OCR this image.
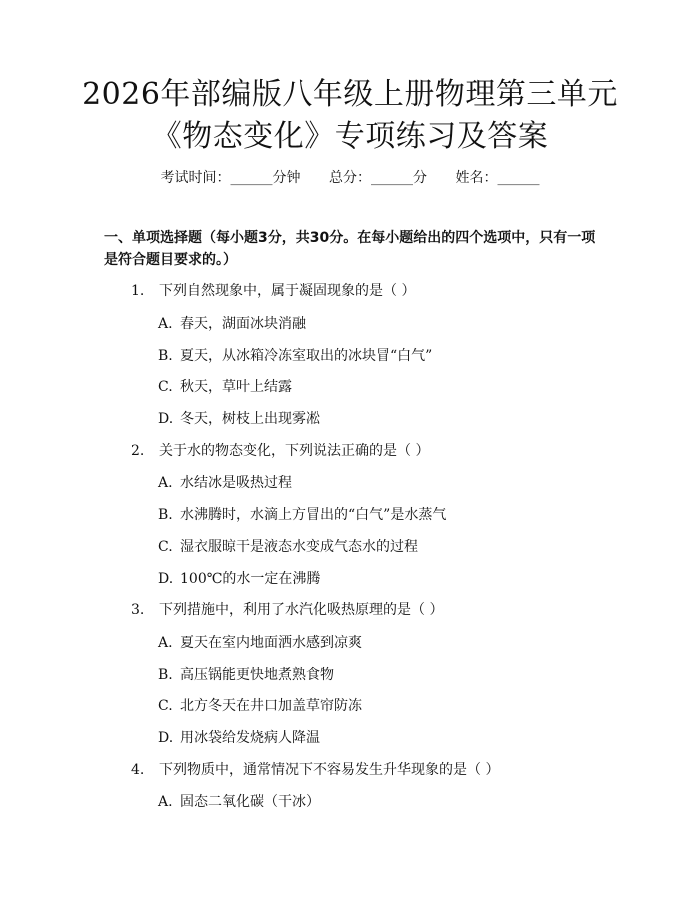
2026年部编版八年级上册物理第三单元《物态变化》专项练习及答案
考试时间：______分钟 总分：______分 姓名：______
一、单项选择题（每小题3分，共30分。在每小题给出的四个选项中，只有一项是符合题目要求的。）
1. 下列自然现象中，属于凝固现象的是（ ）
A. 春天，湖面冰块消融
B. 夏天，从冰箱冷冻室取出的冰块冒“白气”
C. 秋天，草叶上结露
D. 冬天，树枝上出现雾凇
2. 关于水的物态变化，下列说法正确的是（ ）
A. 水结冰是吸热过程
B. 水沸腾时，水滴上方冒出的“白气”是水蒸气
C. 湿衣服晾干是液态水变成气态水的过程
D. 100℃的水一定在沸腾
3. 下列措施中，利用了水汽化吸热原理的是（ ）
A. 夏天在室内地面洒水感到凉爽
B. 高压锅能更快地煮熟食物
C. 北方冬天在井口加盖草帘防冻
D. 用冰袋给发烧病人降温
4. 下列物质中，通常情况下不容易发生升华现象的是（ ）
A. 固态二氧化碳（干冰）
